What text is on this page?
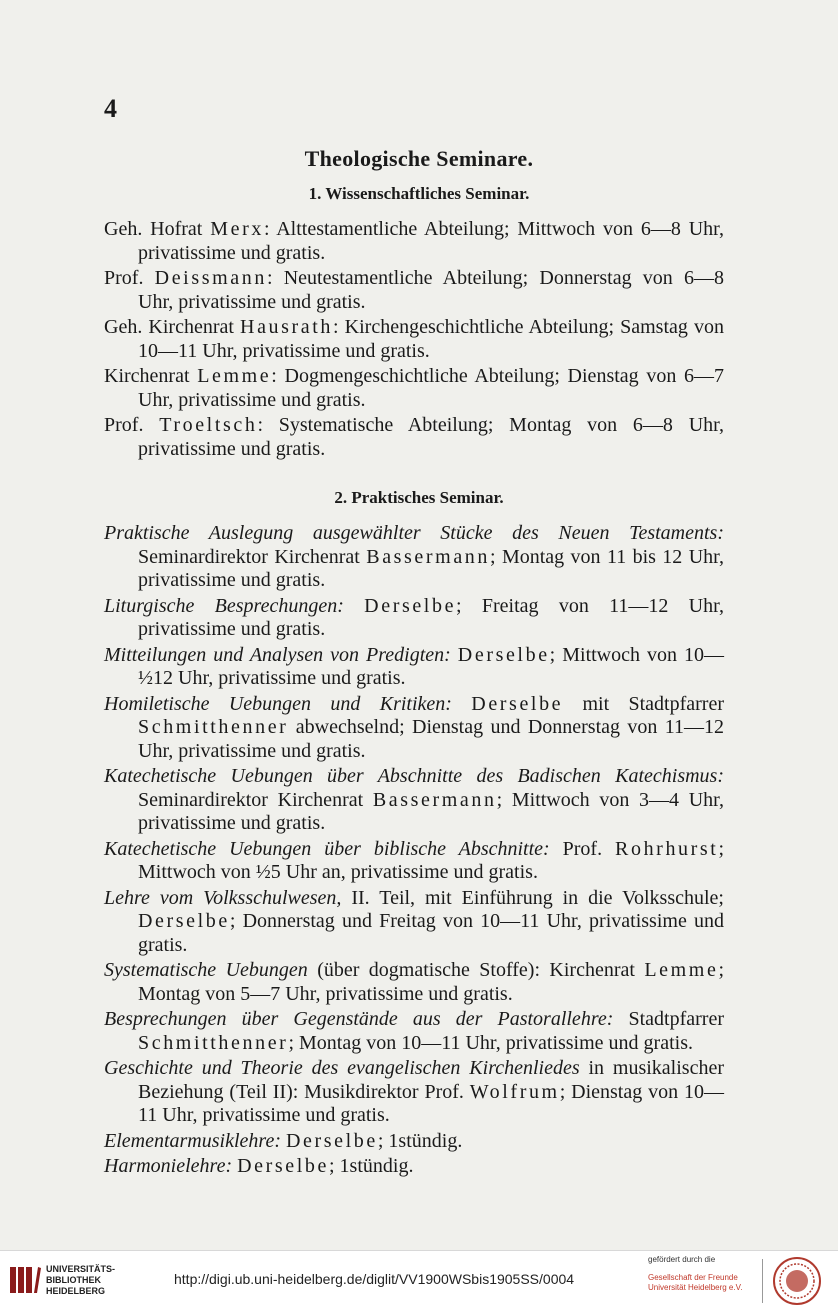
4
Theologische Seminare.
1. Wissenschaftliches Seminar.
Geh. Hofrat Merx: Alttestamentliche Abteilung; Mittwoch von 6—8 Uhr, privatissime und gratis.
Prof. Deissmann: Neutestamentliche Abteilung; Donnerstag von 6—8 Uhr, privatissime und gratis.
Geh. Kirchenrat Hausrath: Kirchengeschichtliche Abteilung; Samstag von 10—11 Uhr, privatissime und gratis.
Kirchenrat Lemme: Dogmengeschichtliche Abteilung; Dienstag von 6—7 Uhr, privatissime und gratis.
Prof. Troeltsch: Systematische Abteilung; Montag von 6—8 Uhr, privatissime und gratis.
2. Praktisches Seminar.
Praktische Auslegung ausgewählter Stücke des Neuen Testaments: Seminardirektor Kirchenrat Bassermann; Montag von 11 bis 12 Uhr, privatissime und gratis.
Liturgische Besprechungen: Derselbe; Freitag von 11—12 Uhr, privatissime und gratis.
Mitteilungen und Analysen von Predigten: Derselbe; Mittwoch von 10—½12 Uhr, privatissime und gratis.
Homiletische Uebungen und Kritiken: Derselbe mit Stadtpfarrer Schmitthenner abwechselnd; Dienstag und Donnerstag von 11—12 Uhr, privatissime und gratis.
Katechetische Uebungen über Abschnitte des Badischen Katechismus: Seminardirektor Kirchenrat Bassermann; Mittwoch von 3—4 Uhr, privatissime und gratis.
Katechetische Uebungen über biblische Abschnitte: Prof. Rohrhurst; Mittwoch von ½5 Uhr an, privatissime und gratis.
Lehre vom Volksschulwesen, II. Teil, mit Einführung in die Volksschule; Derselbe; Donnerstag und Freitag von 10—11 Uhr, privatissime und gratis.
Systematische Uebungen (über dogmatische Stoffe): Kirchenrat Lemme; Montag von 5—7 Uhr, privatissime und gratis.
Besprechungen über Gegenstände aus der Pastorallehre: Stadtpfarrer Schmitthenner; Montag von 10—11 Uhr, privatissime und gratis.
Geschichte und Theorie des evangelischen Kirchenliedes in musikalischer Beziehung (Teil II): Musikdirektor Prof. Wolfrum; Dienstag von 10—11 Uhr, privatissime und gratis.
Elementarmusiklehre: Derselbe; 1stündig.
Harmonielehre: Derselbe; 1stündig.
UNIVERSITÄTS-
BIBLIOTHEK
HEIDELBERG
http://digi.ub.uni-heidelberg.de/diglit/VV1900WSbis1905SS/0004
gefördert durch die
Gesellschaft der Freunde
Universität Heidelberg e.V.
